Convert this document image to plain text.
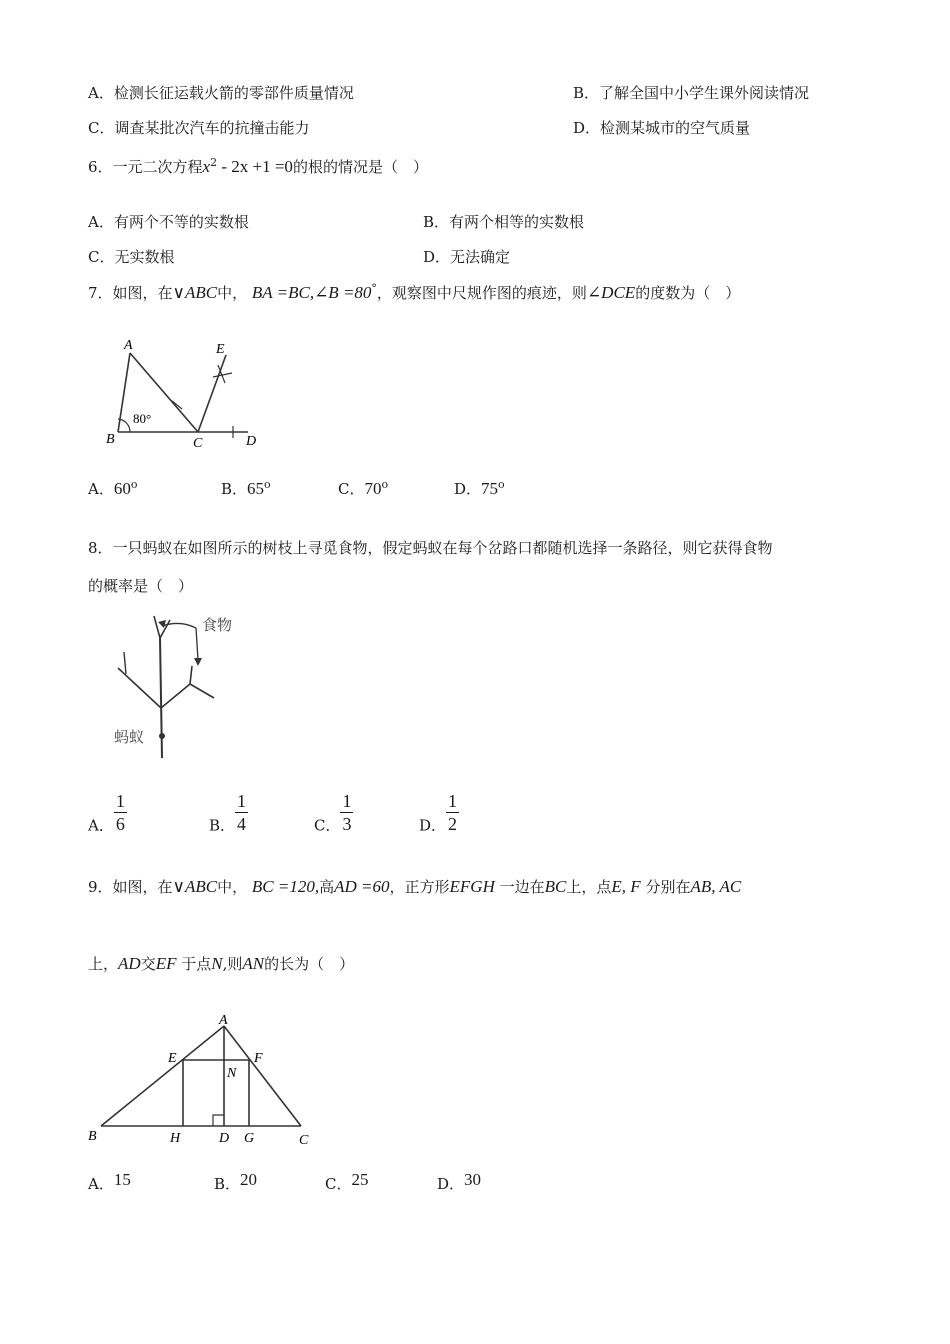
A．检测长征运载火箭的零部件质量情况	B．了解全国中小学生课外阅读情况
C．调查某批次汽车的抗撞击能力	D．检测某城市的空气质量
6．一元二次方程$x^2 - 2x +1 =0$的根的情况是（　）
A．有两个不等的实数根	B．有两个相等的实数根
C．无实数根	D．无法确定
7．如图，在∨ABC中， BA =BC,∠B =80°，观察图中尺规作图的痕迹，则∠DCE的度数为（　）
A
B	C	D
E
80°
A．60$^o$	B．65$^o$	C．70$^o$	D．75$^o$
8．一只蚂蚁在如图所示的树枝上寻觅食物，假定蚂蚁在每个岔路口都随机选择一条路径，则它获得食物
的概率是（　）
食物
蚂蚁
A． $\frac{1}{6}$	B． $\frac{1}{4}$	C． $\frac{1}{3}$	D． $\frac{1}{2}$
9．如图，在∨ABC中， BC =120,高AD =60，正方形EFGH 一边在BC上，点E, F 分别在AB, AC
上，AD交EF 于点N,则AN的长为（　）
A
B	C
D
E	F
G
H
N
A．15	B．20	C．25	D．30
